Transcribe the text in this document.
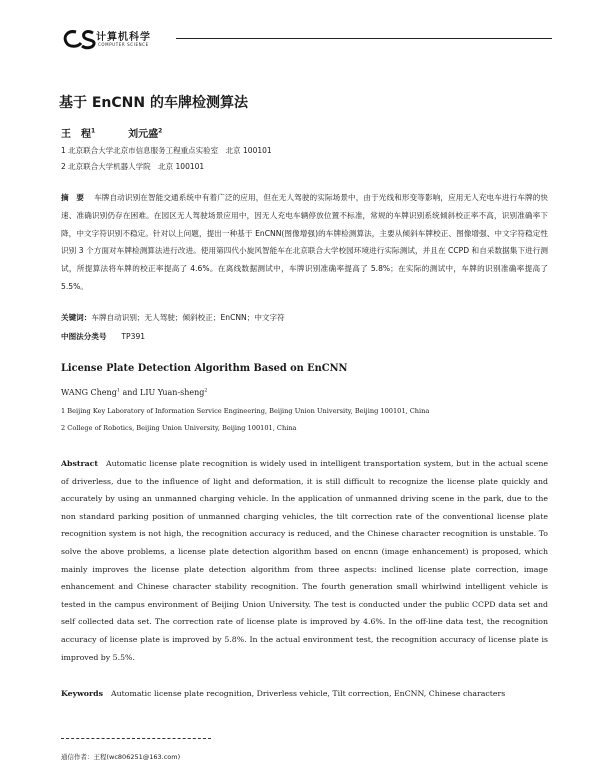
计算机科学
COMPUTER SCIENCE
基于 EnCNN 的车牌检测算法
王　程$^1$	刘元盛$^2$
1 北京联合大学北京市信息服务工程重点实验室　北京 100101
2 北京联合大学机器人学院　北京 100101
摘　要 车牌自动识别在智能交通系统中有着广泛的应用，但在无人驾驶的实际场景中，由于光线和形变等影响，应用无人充电车进行车牌的快速、准确识别仍存在困难。在园区无人驾驶场景应用中，因无人充电车辆停放位置不标准，常规的车牌识别系统倾斜校正率不高，识别准确率下降，中文字符识别不稳定。针对以上问题，提出一种基于 EnCNN(图像增强)的车牌检测算法，主要从倾斜车牌校正、图像增强、中文字符稳定性识别 3 个方面对车牌检测算法进行改进。使用第四代小旋风智能车在北京联合大学校园环境进行实际测试，并且在 CCPD 和自采数据集下进行测试，所提算法将车牌的校正率提高了 4.6%。在离线数据测试中，车牌识别准确率提高了 5.8%；在实际的测试中，车牌的识别准确率提高了 5.5%。
关键词：车牌自动识别；无人驾驶；倾斜校正；EnCNN；中文字符
中图法分类号 TP391
License Plate Detection Algorithm Based on EnCNN
WANG Cheng$^1$ and LIU Yuan-sheng$^2$
1 Beijing Key Laboratory of Information Service Engineering, Beijing Union University, Beijing 100101, China
2 College of Robotics, Beijing Union University, Beijing 100101, China
Abstract Automatic license plate recognition is widely used in intelligent transportation system, but in the actual scene of driverless, due to the influence of light and deformation, it is still difficult to recognize the license plate quickly and accurately by using an unmanned charging vehicle. In the application of unmanned driving scene in the park, due to the non standard parking position of unmanned charging vehicles, the tilt correction rate of the conventional license plate recognition system is not high, the recognition accuracy is reduced, and the Chinese character recognition is unstable. To solve the above problems, a license plate detection algorithm based on encnn (image enhancement) is proposed, which mainly improves the license plate detection algorithm from three aspects: inclined license plate correction, image enhancement and Chinese character stability recognition. The fourth generation small whirlwind intelligent vehicle is tested in the campus environment of Beijing Union University. The test is conducted under the public CCPD data set and self collected data set. The correction rate of license plate is improved by 4.6%. In the off-line data test, the recognition accuracy of license plate is improved by 5.8%. In the actual environment test, the recognition accuracy of license plate is improved by 5.5%.
Keywords Automatic license plate recognition, Driverless vehicle, Tilt correction, EnCNN, Chinese characters
通信作者：王程(wc806251@163.com)
